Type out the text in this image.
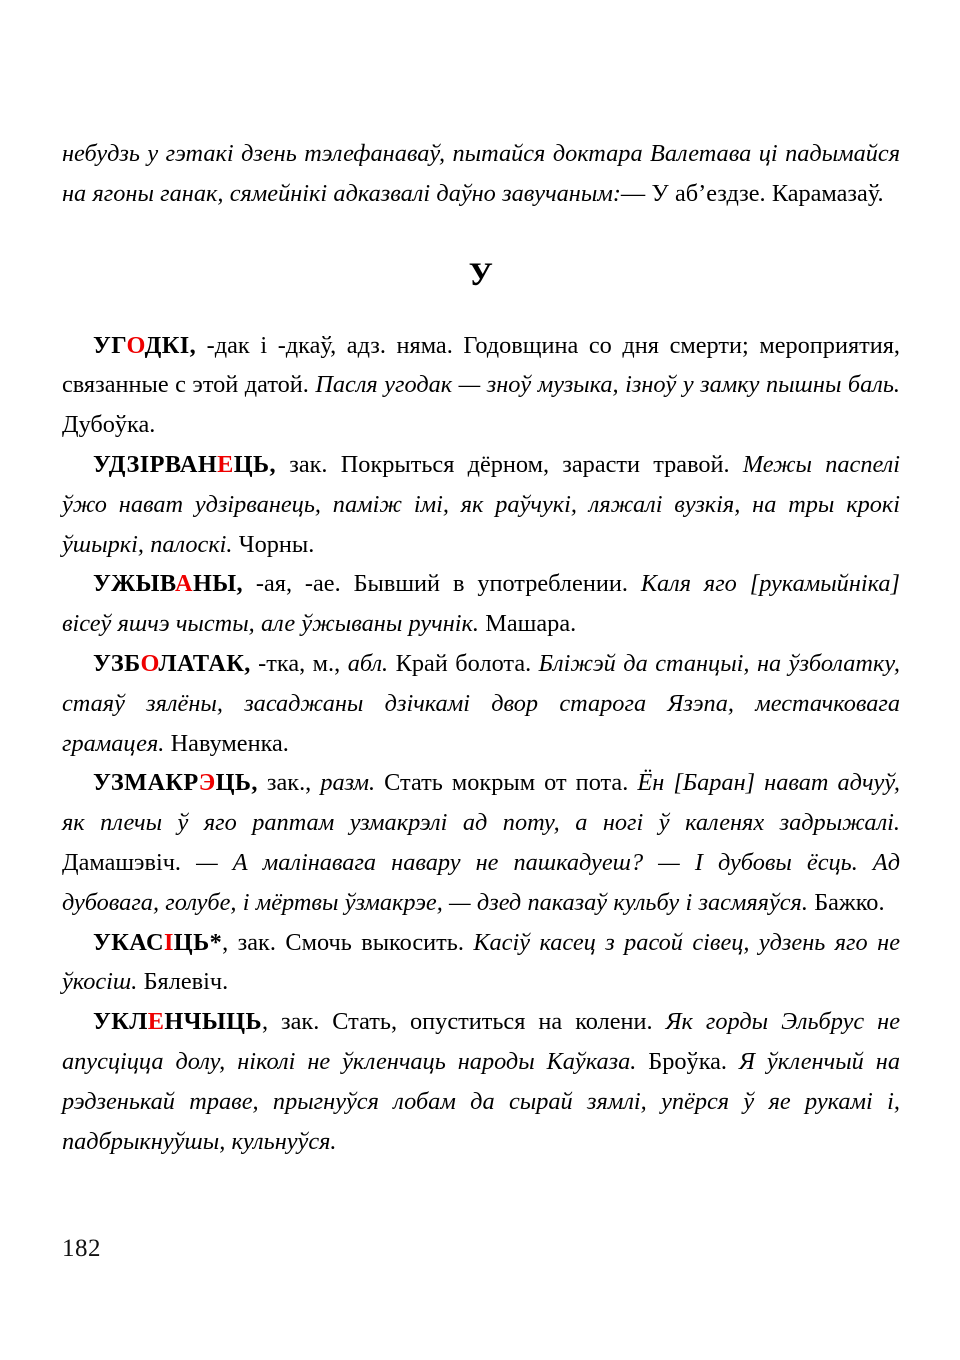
небудзь у гэтакі дзень тэлефанаваў, пытайся доктара Валетава ці падымайся на ягоны ганак, сямейнікі адказвалі даўно завучаным:— У аб’ездзе. Карамазаў.

У

УГОДКІ, -дак і -дкаў, адз. няма. Годовщина со дня смерти; мероприятия, связанные с этой датой. Пасля угодак — зноў музыка, ізноў у замку пышны баль. Дубоўка.

УДЗІРВАНЕЦЬ, зак. Покрыться дёрном, зарасти травой. Межы паспелі ўжо нават удзірванець, паміж імі, як раўчукі, ляжалі вузкія, на тры крокі ўшыркі, палоскі. Чорны.

УЖЫВАНЫ, -ая, -ае. Бывший в употреблении. Каля яго [рукамыйніка] вісеў яшчэ чысты, але ўжываны ручнік. Машара.

УЗБОЛАТАК, -тка, м., абл. Край болота. Бліжэй да станцыі, на ўзболатку, стаяў зялёны, засаджаны дзічкамі двор старога Язэпа, местачковага грамацея. Навуменка.

УЗМАКРЭЦЬ, зак., разм. Стать мокрым от пота. Ён [Баран] нават адчуў, як плечы ў яго раптам узмакрэлі ад поту, а ногі ў каленях задрыжалі. Дамашэвіч. — А малінавага навару не пашкадуеш? — І дубовы ёсць. Ад дубовага, голубе, і мёртвы ўзмакрэе, — дзед паказаў кульбу і засмяяўся. Бажко.

УКАСІЦЬ*, зак. Смочь выкосить. Касіў касец з расой сівец, удзень яго не ўкосіш. Бялевіч.

УКЛЕНЧЫЦЬ, зак. Стать, опуститься на колени. Як горды Эльбрус не апусціцца долу, ніколі не ўкленчаць народы Каўказа. Броўка. Я ўкленчый на рэдзенькай траве, прыгнуўся лобам да сырай зямлі, упёрся ў яе рукамі і, падбрыкнуўшы, кульнуўся.

182
